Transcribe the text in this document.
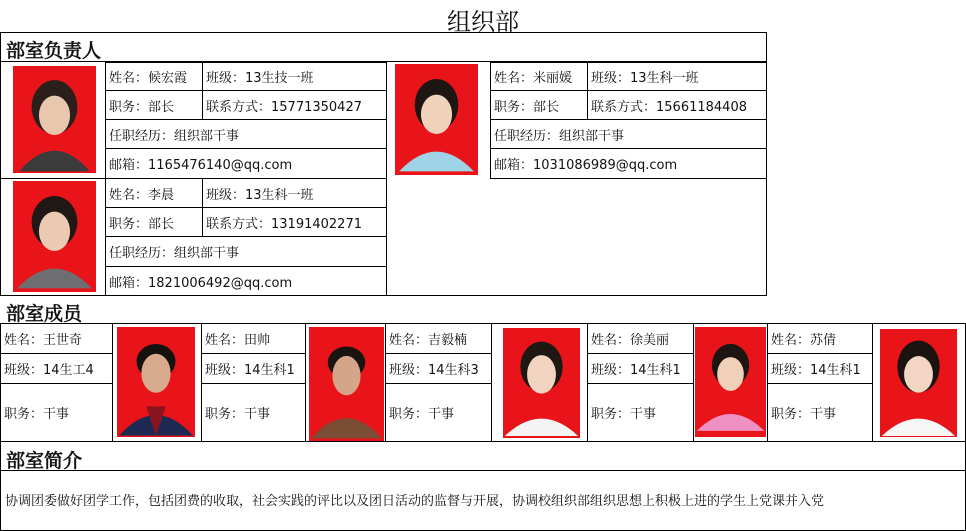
组织部
部室负责人
姓名：候宏霞	班级：13生技一班
职务：部长	联系方式：15771350427
任职经历：组织部干事
邮箱：1165476140@qq.com
姓名：米丽媛	班级：13生科一班
职务：部长	联系方式：15661184408
任职经历：组织部干事
邮箱：1031086989@qq.com
姓名：李晨	班级：13生科一班
职务：部长	联系方式：13191402271
任职经历：组织部干事
邮箱：1821006492@qq.com
部室成员
姓名：王世奇
班级：14生工4
职务：干事
姓名：田帅
班级：14生科1
职务：干事
姓名：吉毅楠
班级：14生科3
职务：干事
姓名：徐美丽
班级：14生科1
职务：干事
姓名：苏倩
班级：14生科1
职务：干事
部室简介
协调团委做好团学工作，包括团费的收取，社会实践的评比以及团日活动的监督与开展，协调校组织部组织思想上积极上进的学生上党课并入党
